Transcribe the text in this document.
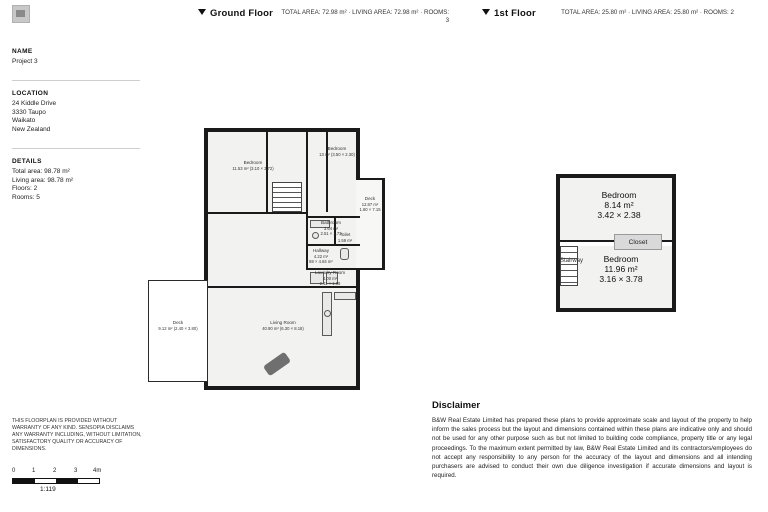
NAME
Project 3
LOCATION
24 Kiddle Drive
3330 Taupo
Waikato
New Zealand
DETAILS
Total area: 98.78 m²
Living area: 98.78 m²
Floors: 2
Rooms: 5
THIS FLOORPLAN IS PROVIDED WITHOUT WARRANTY OF ANY KIND. SENSOPIA DISCLAIMS ANY WARRANTY INCLUDING, WITHOUT LIMITATION, SATISFACTORY QUALITY OR ACCURACY OF DIMENSIONS.
0	1	2	3	4m
1:119
Ground Floor TOTAL AREA: 72.98 m² · LIVING AREA: 72.98 m² · ROOMS: 3
1st Floor	TOTAL AREA: 25.80 m² · LIVING AREA: 25.80 m² · ROOMS: 2
Bedroom
11.53 m² (3.10 × 3.72)
Bedroom
13 m² (3.50 × 2.30)
Bathroom
3.64 m²
2.51 × 1.73
Toilet
1.59 m²
Hallway
4.22 m²
88 × 4.84 m²
Laundry Room
4.00 m²
2.11 × 1.89
Living Room
40.90 m² (6.30 × 8.18)
Deck
12.87 m²
1.60 × 7.15
Deck
9.12 m² (2.40 × 3.80)
Closet
Stairway
Bedroom
8.14 m²
3.42 × 2.38
Bedroom
11.96 m²
3.16 × 3.78
Disclaimer

B&W Real Estate Limited has prepared these plans to provide approximate scale and layout of the property to help inform the sales process but the layout and dimensions contained within these plans are indicative only and should not be used for any other purpose such as but not limited to building code compliance, property title or any legal proceedings. To the maximum extent permitted by law, B&W Real Estate Limited and its contractors/employees do not accept any responsibility to any person for the accuracy of the layout and dimensions and all intending purchasers are advised to conduct their own due diligence investigation if accurate dimensions and layout is required.
